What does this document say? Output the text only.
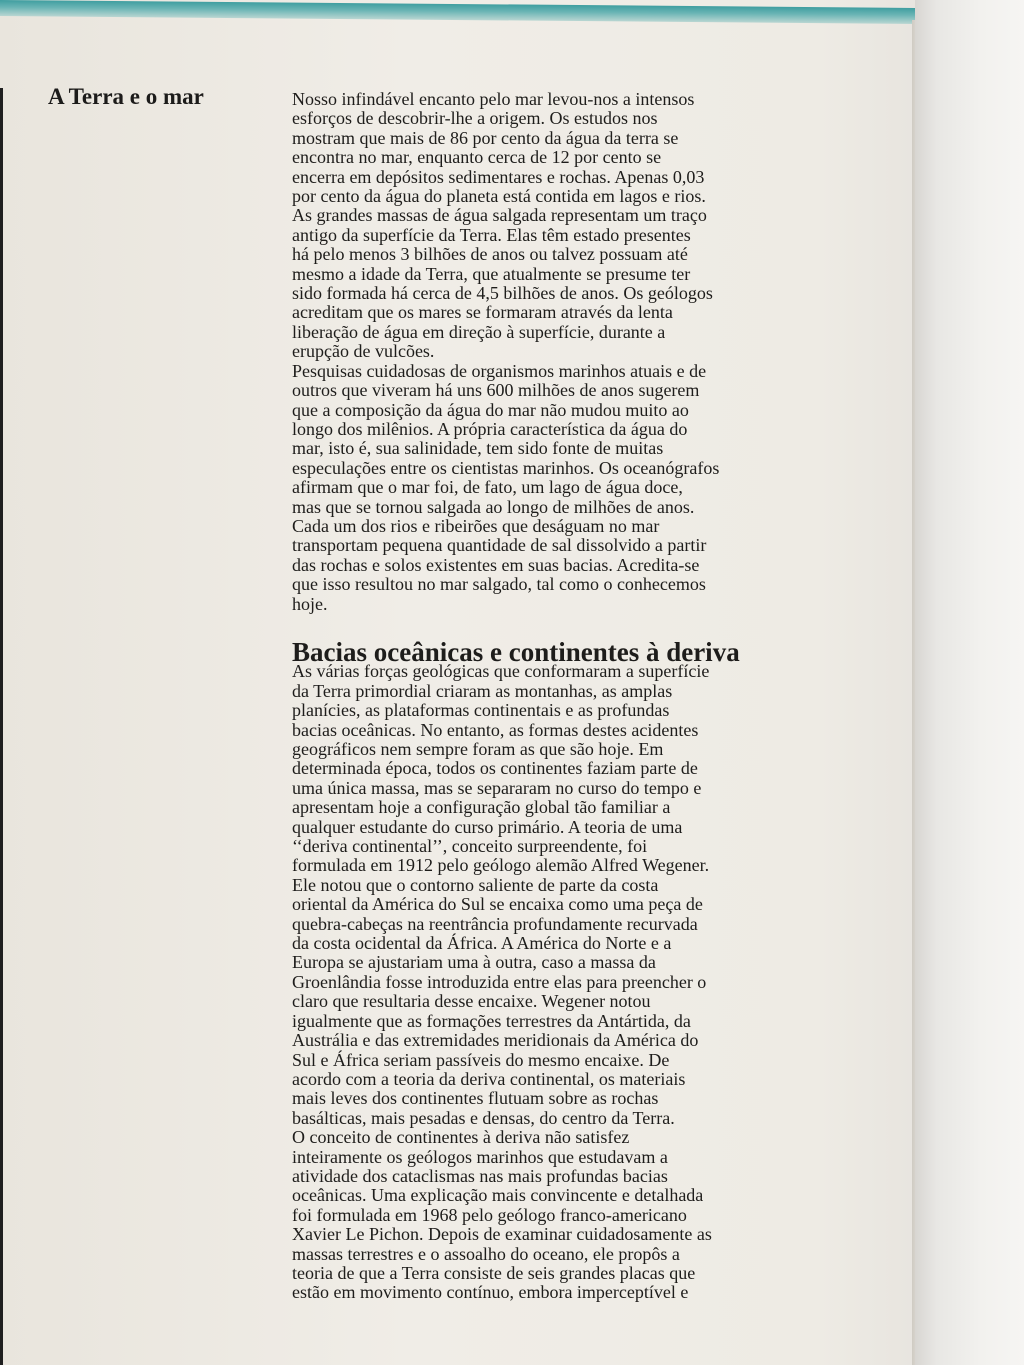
A Terra e o mar	Nosso infindável encanto pelo mar levou-nos a intensos
esforços de descobrir-lhe a origem. Os estudos nos
mostram que mais de 86 por cento da água da terra se
encontra no mar, enquanto cerca de 12 por cento se
encerra em depósitos sedimentares e rochas. Apenas 0,03
por cento da água do planeta está contida em lagos e rios.
As grandes massas de água salgada representam um traço
antigo da superfície da Terra. Elas têm estado presentes
há pelo menos 3 bilhões de anos ou talvez possuam até
mesmo a idade da Terra, que atualmente se presume ter
sido formada há cerca de 4,5 bilhões de anos. Os geólogos
acreditam que os mares se formaram através da lenta
liberação de água em direção à superfície, durante a
erupção de vulcões.

Pesquisas cuidadosas de organismos marinhos atuais e de
outros que viveram há uns 600 milhões de anos sugerem
que a composição da água do mar não mudou muito ao
longo dos milênios. A própria característica da água do
mar, isto é, sua salinidade, tem sido fonte de muitas
especulações entre os cientistas marinhos. Os oceanógrafos
afirmam que o mar foi, de fato, um lago de água doce,
mas que se tornou salgada ao longo de milhões de anos.
Cada um dos rios e ribeirões que deságuam no mar
transportam pequena quantidade de sal dissolvido a partir
das rochas e solos existentes em suas bacias. Acredita-se
que isso resultou no mar salgado, tal como o conhecemos
hoje.

Bacias oceânicas e continentes à deriva

As várias forças geológicas que conformaram a superfície
da Terra primordial criaram as montanhas, as amplas
planícies, as plataformas continentais e as profundas
bacias oceânicas. No entanto, as formas destes acidentes
geográficos nem sempre foram as que são hoje. Em
determinada época, todos os continentes faziam parte de
uma única massa, mas se separaram no curso do tempo e
apresentam hoje a configuração global tão familiar a
qualquer estudante do curso primário. A teoria de uma
‘‘deriva continental’’, conceito surpreendente, foi
formulada em 1912 pelo geólogo alemão Alfred Wegener.
Ele notou que o contorno saliente de parte da costa
oriental da América do Sul se encaixa como uma peça de
quebra-cabeças na reentrância profundamente recurvada
da costa ocidental da África. A América do Norte e a
Europa se ajustariam uma à outra, caso a massa da
Groenlândia fosse introduzida entre elas para preencher o
claro que resultaria desse encaixe. Wegener notou
igualmente que as formações terrestres da Antártida, da
Austrália e das extremidades meridionais da América do
Sul e África seriam passíveis do mesmo encaixe. De
acordo com a teoria da deriva continental, os materiais
mais leves dos continentes flutuam sobre as rochas
basálticas, mais pesadas e densas, do centro da Terra.

O conceito de continentes à deriva não satisfez
inteiramente os geólogos marinhos que estudavam a
atividade dos cataclismas nas mais profundas bacias
oceânicas. Uma explicação mais convincente e detalhada
foi formulada em 1968 pelo geólogo franco-americano
Xavier Le Pichon. Depois de examinar cuidadosamente as
massas terrestres e o assoalho do oceano, ele propôs a
teoria de que a Terra consiste de seis grandes placas que
estão em movimento contínuo, embora imperceptível e
